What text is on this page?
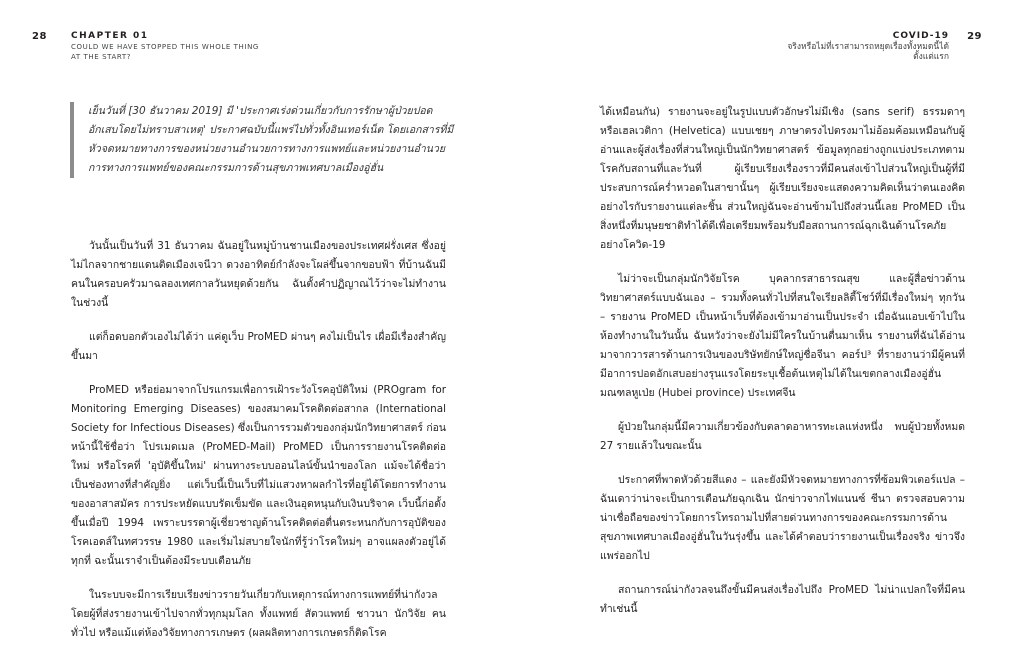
28	CHAPTER 01
COULD WE HAVE STOPPED THIS WHOLE THING
AT THE START?
เย็นวันที่ [30 ธันวาคม 2019] มี 'ประกาศเร่งด่วนเกี่ยวกับการรักษาผู้ป่วยปอดอักเสบโดยไม่ทราบสาเหตุ' ประกาศฉบับนี้แพร่ไปทั่วทั้งอินเทอร์เน็ต โดยเอกสารที่มีหัวจดหมายทางการของหน่วยงานอำนวยการทางการแพทย์และหน่วยงานอำนวยการทางการแพทย์ของคณะกรรมการด้านสุขภาพเทศบาลเมืองอู่ฮั่น

วันนั้นเป็นวันที่ 31 ธันวาคม ฉันอยู่ในหมู่บ้านชานเมืองของประเทศฝรั่งเศส ซึ่งอยู่ไม่ไกลจากชายแดนติดเมืองเจนีวา ดวงอาทิตย์กำลังจะโผล่ขึ้นจากขอบฟ้า ที่บ้านฉันมีคนในครอบครัวมาฉลองเทศกาลวันหยุดด้วยกัน ฉันตั้งคำปฏิญาณไว้ว่าจะไม่ทำงานในช่วงนี้

แต่ก็อดบอกตัวเองไม่ได้ว่า แค่ดูเว็บ ProMED ผ่านๆ คงไม่เป็นไร เผื่อมีเรื่องสำคัญขึ้นมา

ProMED หรือย่อมาจากโปรแกรมเพื่อการเฝ้าระวังโรคอุบัติใหม่ (PROgram for Monitoring Emerging Diseases) ของสมาคมโรคติดต่อสากล (International Society for Infectious Diseases) ซึ่งเป็นการรวมตัวของกลุ่มนักวิทยาศาสตร์ ก่อนหน้านี้ใช้ชื่อว่า โปรเมดเมล (ProMED-Mail) ProMED เป็นการรายงานโรคติดต่อใหม่ หรือโรคที่ 'อุบัติขึ้นใหม่' ผ่านทางระบบออนไลน์ขั้นนำของโลก แม้จะได้ชื่อว่าเป็นช่องทางที่สำคัญยิ่ง แต่เว็บนี้เป็นเว็บที่ไม่แสวงหาผลกำไรที่อยู่ได้โดยการทำงานของอาสาสมัคร การประหยัดแบบรัดเข็มขัด และเงินอุดหนุนกับเงินบริจาค เว็บนี้ก่อตั้งขึ้นเมื่อปี 1994 เพราะบรรดาผู้เชี่ยวชาญด้านโรคติดต่อตื่นตระหนกกับการอุบัติของโรคเอดส์ในทศวรรษ 1980 และเริ่มไม่สบายใจนักที่รู้ว่าโรคใหม่ๆ อาจแผลงตัวอยู่ได้ทุกที่ ฉะนั้นเราจำเป็นต้องมีระบบเตือนภัย

ในระบบจะมีการเรียบเรียงข่าวรายวันเกี่ยวกับเหตุการณ์ทางการแพทย์ที่น่ากังวลโดยผู้ที่ส่งรายงานเข้าไปจากทั่วทุกมุมโลก ทั้งแพทย์ สัตวแพทย์ ชาวนา นักวิจัย คนทั่วไป หรือแม้แต่ห้องวิจัยทางการเกษตร (ผลผลิตทางการเกษตรก็ติดโรค

COVID-19
จริงหรือไม่ที่เราสามารถหยุดเรื่องทั้งหมดนี้ได้
ตั้งแต่แรก
29

ได้เหมือนกัน) รายงานจะอยู่ในรูปแบบตัวอักษรไม่มีเชิง (sans serif) ธรรมดาๆ หรือเฮลเวติกา (Helvetica) แบบเชยๆ ภาษาตรงไปตรงมาไม่อ้อมค้อมเหมือนกับผู้อ่านและผู้ส่งเรื่องที่ส่วนใหญ่เป็นนักวิทยาศาสตร์ ข้อมูลทุกอย่างถูกแบ่งประเภทตามโรคกับสถานที่และวันที่ ผู้เรียบเรียงเรื่องราวที่มีคนส่งเข้าไปส่วนใหญ่เป็นผู้ที่มีประสบการณ์คร่ำหวอดในสาขานั้นๆ ผู้เรียบเรียงจะแสดงความคิดเห็นว่าตนเองคิดอย่างไรกับรายงานแต่ละชิ้น ส่วนใหญ่ฉันจะอ่านข้ามไปถึงส่วนนี้เลย ProMED เป็นสิ่งหนึ่งที่มนุษยชาติทำได้ดีเพื่อเตรียมพร้อมรับมือสถานการณ์ฉุกเฉินด้านโรคภัยอย่างโควิด-19

ไม่ว่าจะเป็นกลุ่มนักวิจัยโรค บุคลากรสาธารณสุข และผู้สื่อข่าวด้านวิทยาศาสตร์แบบฉันเอง – รวมทั้งคนทั่วไปที่สนใจเรียลลิตี้โชว์ที่มีเรื่องใหม่ๆ ทุกวัน – รายงาน ProMED เป็นหน้าเว็บที่ต้องเข้ามาอ่านเป็นประจำ เมื่อฉันแอบเข้าไปในห้องทำงานในวันนั้น ฉันหวังว่าจะยังไม่มีใครในบ้านตื่นมาเห็น รายงานที่ฉันได้อ่านมาจากวารสารด้านการเงินของบริษัทยักษ์ใหญ่ชื่อจีนา คอร์ป³ ที่รายงานว่ามีผู้คนที่มีอาการปอดอักเสบอย่างรุนแรงโดยระบุเชื้อต้นเหตุไม่ได้ในเขตกลางเมืองอู่ฮั่น มณฑลหูเป่ย (Hubei province) ประเทศจีน

ผู้ป่วยในกลุ่มนี้มีความเกี่ยวข้องกับตลาดอาหารทะเลแห่งหนึ่ง พบผู้ป่วยทั้งหมด 27 รายแล้วในขณะนั้น

ประกาศที่พาดหัวด้วยสีแดง – และยังมีหัวจดหมายทางการที่ซ้อมพิวเตอร์แปล – ฉันเดาว่าน่าจะเป็นการเตือนภัยฉุกเฉิน นักข่าวจากไฟแนนซ์ ชีนา ตรวจสอบความน่าเชื่อถือของข่าวโดยการโทรถามไปที่สายด่วนทางการของคณะกรรมการด้านสุขภาพเทศบาลเมืองอู่ฮั่นในวันรุ่งขึ้น และได้คำตอบว่ารายงานเป็นเรื่องจริง ข่าวจึงแพร่ออกไป

สถานการณ์น่ากังวลจนถึงขั้นมีคนส่งเรื่องไปถึง ProMED ไม่น่าแปลกใจที่มีคนทำเช่นนี้
